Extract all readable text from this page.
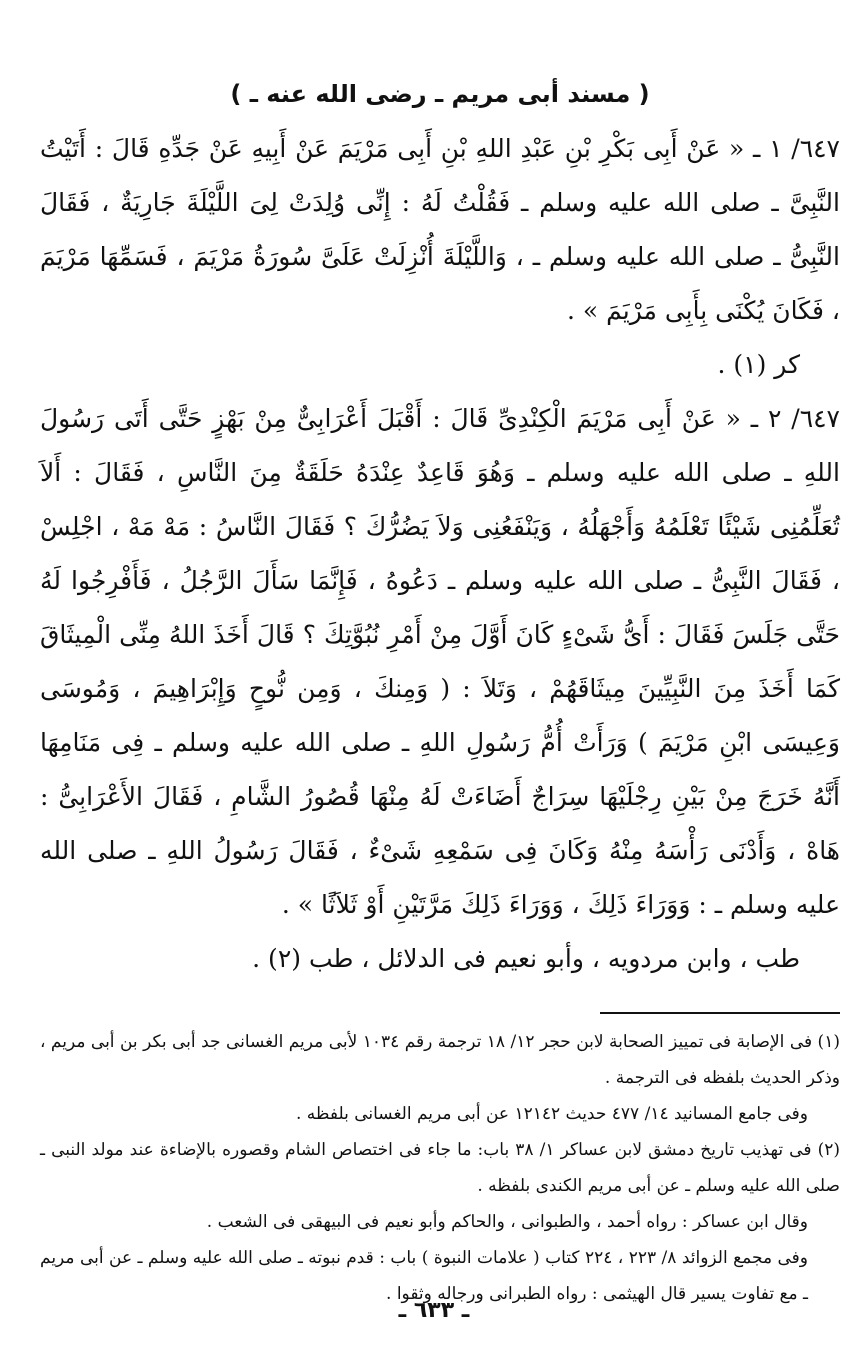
( مسند أبى مريم ـ رضى الله عنه ـ )

٦٤٧/ ١ ـ « عَنْ أَبِى بَكْرِ بْنِ عَبْدِ اللهِ بْنِ أَبِى مَرْيَمَ عَنْ أَبِيهِ عَنْ جَدِّهِ قَالَ : أَتَيْتُ النَّبِىَّ ـ صلى الله عليه وسلم ـ فَقُلْتُ لَهُ : إِنِّى وُلِدَتْ لِىَ اللَّيْلَةَ جَارِيَةٌ ، فَقَالَ النَّبِىُّ ـ صلى الله عليه وسلم ـ ، وَاللَّيْلَةَ أُنْزِلَتْ عَلَىَّ سُورَةُ مَرْيَمَ ، فَسَمِّهَا مَرْيَمَ ، فَكَانَ يُكْنَى بِأَبِى مَرْيَمَ » .

كر (١) .

٦٤٧/ ٢ ـ « عَنْ أَبِى مَرْيَمَ الْكِنْدِىِّ قَالَ : أَقْبَلَ أَعْرَابِىٌّ مِنْ بَهْزٍ حَتَّى أَتَى رَسُولَ اللهِ ـ صلى الله عليه وسلم ـ وَهُوَ قَاعِدٌ عِنْدَهُ حَلَقَةٌ مِنَ النَّاسِ ، فَقَالَ : أَلاَ تُعَلِّمُنِى شَيْئًا تَعْلَمُهُ وَأَجْهَلُهُ ، وَيَنْفَعُنِى وَلاَ يَضُرُّكَ ؟ فَقَالَ النَّاسُ : مَهْ مَهْ ، اجْلِسْ ، فَقَالَ النَّبِىُّ ـ صلى الله عليه وسلم ـ دَعُوهُ ، فَإِنَّمَا سَأَلَ الرَّجُلُ ، فَأَفْرِجُوا لَهُ حَتَّى جَلَسَ فَقَالَ : أَىُّ شَىْءٍ كَانَ أَوَّلَ مِنْ أَمْرِ نُبُوَّتِكَ ؟ قَالَ أَخَذَ اللهُ مِنِّى الْمِيثَاقَ كَمَا أَخَذَ مِنَ النَّبِيِّينَ مِيثَاقَهُمْ ، وَتَلاَ : ( وَمِنكَ ، وَمِن نُّوحٍ وَإِبْرَاهِيمَ ، وَمُوسَى وَعِيسَى ابْنِ مَرْيَمَ ) وَرَأَتْ أُمُّ رَسُولِ اللهِ ـ صلى الله عليه وسلم ـ فِى مَنَامِهَا أَنَّهُ خَرَجَ مِنْ بَيْنِ رِجْلَيْهَا سِرَاجٌ أَضَاءَتْ لَهُ مِنْهَا قُصُورُ الشَّامِ ، فَقَالَ الأَعْرَابِىُّ : هَاهْ ، وَأَدْنَى رَأْسَهُ مِنْهُ وَكَانَ فِى سَمْعِهِ شَىْءٌ ، فَقَالَ رَسُولُ اللهِ ـ صلى الله عليه وسلم ـ : وَوَرَاءَ ذَلِكَ ، وَوَرَاءَ ذَلِكَ مَرَّتَيْنِ أَوْ ثَلاَثًا » .

طب ، وابن مردويه ، وأبو نعيم فى الدلائل ، طب (٢) .

(١) فى الإصابة فى تمييز الصحابة لابن حجر ١٢/ ١٨ ترجمة رقم ١٠٣٤ لأبى مريم الغسانى جد أبى بكر بن أبى مريم ، وذكر الحديث بلفظه فى الترجمة .

وفى جامع المسانيد ١٤/ ٤٧٧ حديث ١٢١٤٢ عن أبى مريم الغسانى بلفظه .

(٢) فى تهذيب تاريخ دمشق لابن عساكر ١/ ٣٨ باب: ما جاء فى اختصاص الشام وقصوره بالإضاءة عند مولد النبى ـ صلى الله عليه وسلم ـ عن أبى مريم الكندى بلفظه .

وقال ابن عساكر : رواه أحمد ، والطبوانى ، والحاكم وأبو نعيم فى البيهقى فى الشعب .

وفى مجمع الزوائد ٨/ ٢٢٣ ، ٢٢٤ كتاب ( علامات النبوة ) باب : قدم نبوته ـ صلى الله عليه وسلم ـ عن أبى مريم ـ مع تفاوت يسير قال الهيثمى : رواه الطبرانى ورجاله وثقوا .

ـ ٦٣٣ ـ
